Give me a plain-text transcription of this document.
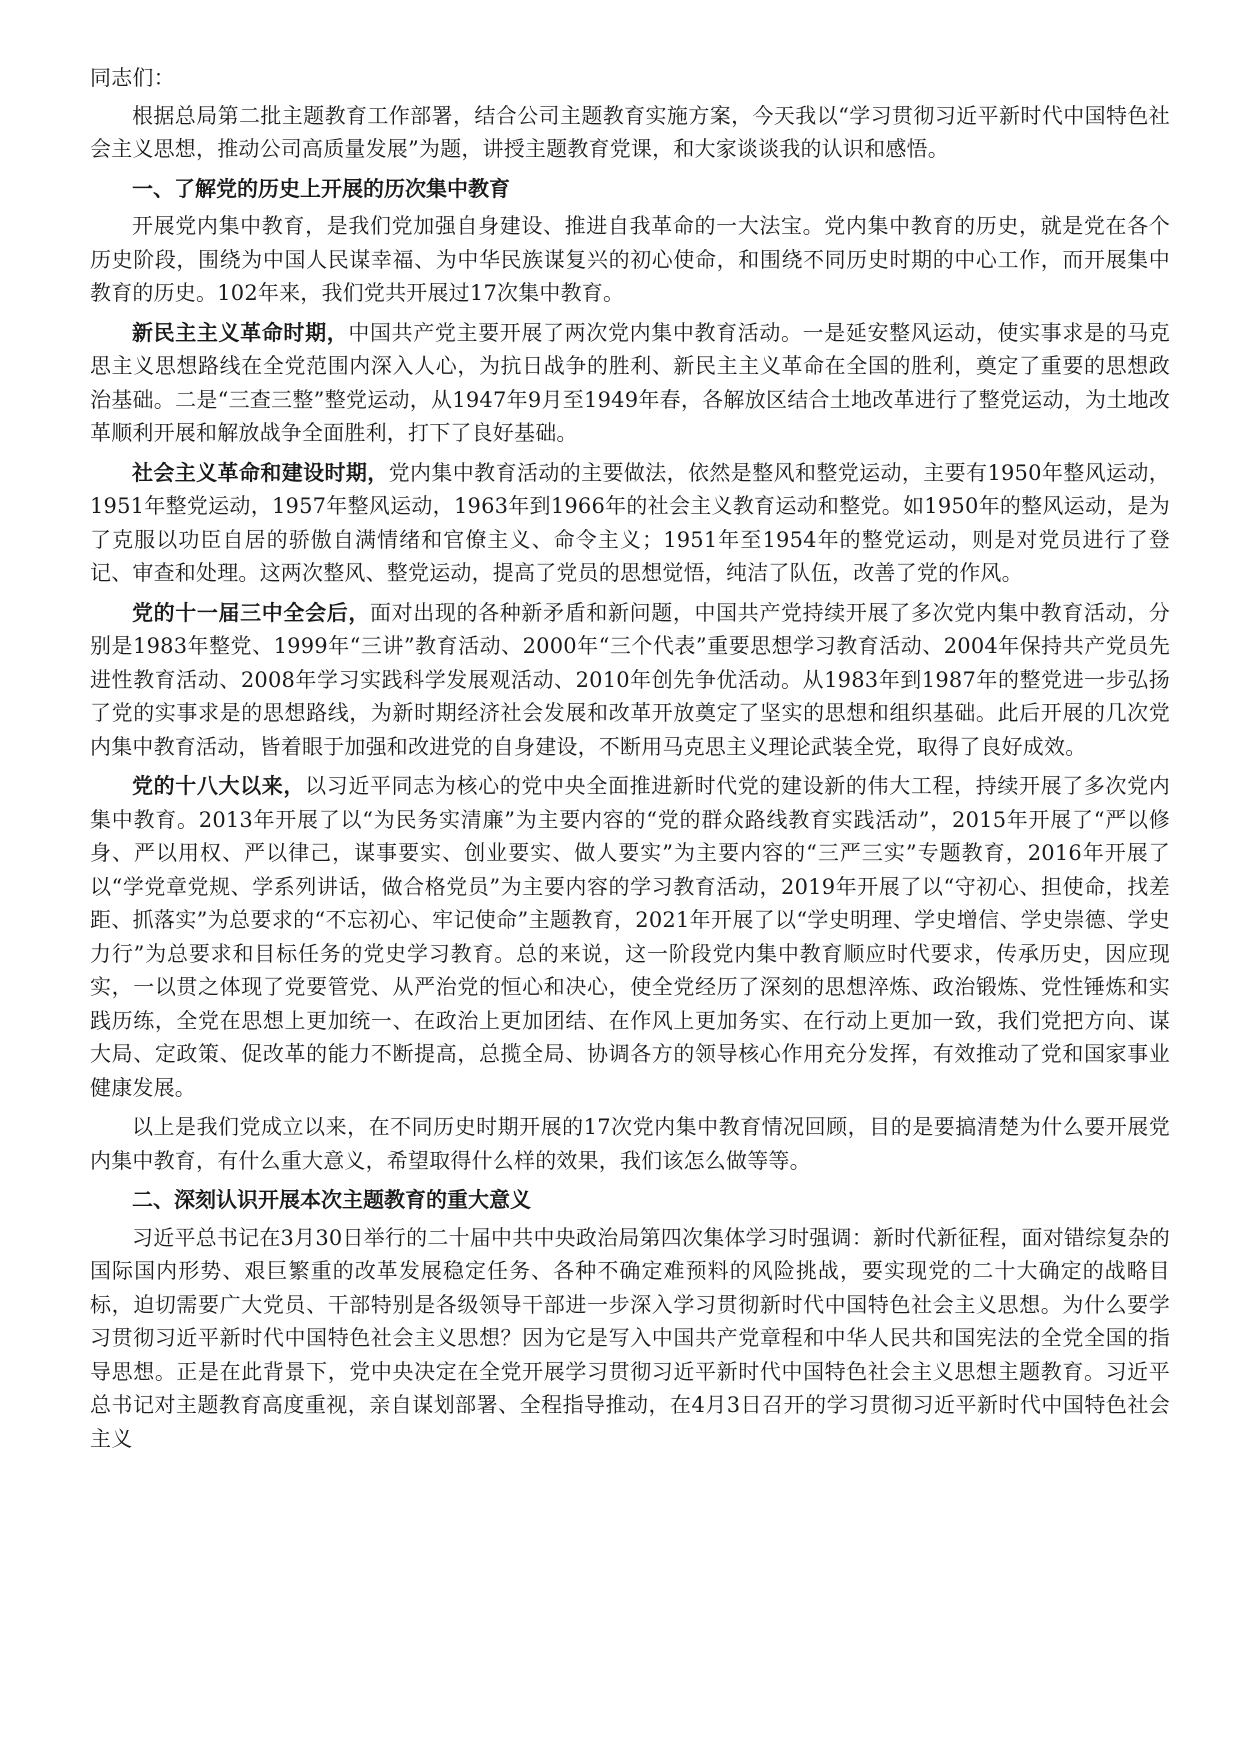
同志们：

根据总局第二批主题教育工作部署，结合公司主题教育实施方案，今天我以“学习贯彻习近平新时代中国特色社会主义思想，推动公司高质量发展”为题，讲授主题教育党课，和大家谈谈我的认识和感悟。

一、了解党的历史上开展的历次集中教育

开展党内集中教育，是我们党加强自身建设、推进自我革命的一大法宝。党内集中教育的历史，就是党在各个历史阶段，围绕为中国人民谋幸福、为中华民族谋复兴的初心使命，和围绕不同历史时期的中心工作，而开展集中教育的历史。102年来，我们党共开展过17次集中教育。

新民主主义革命时期，中国共产党主要开展了两次党内集中教育活动。一是延安整风运动，使实事求是的马克思主义思想路线在全党范围内深入人心，为抗日战争的胜利、新民主主义革命在全国的胜利，奠定了重要的思想政治基础。二是“三查三整”整党运动，从1947年9月至1949年春，各解放区结合土地改革进行了整党运动，为土地改革顺利开展和解放战争全面胜利，打下了良好基础。

社会主义革命和建设时期，党内集中教育活动的主要做法，依然是整风和整党运动，主要有1950年整风运动，1951年整党运动，1957年整风运动，1963年到1966年的社会主义教育运动和整党。如1950年的整风运动，是为了克服以功臣自居的骄傲自满情绪和官僚主义、命令主义；1951年至1954年的整党运动，则是对党员进行了登记、审查和处理。这两次整风、整党运动，提高了党员的思想觉悟，纯洁了队伍，改善了党的作风。

党的十一届三中全会后，面对出现的各种新矛盾和新问题，中国共产党持续开展了多次党内集中教育活动，分别是1983年整党、1999年“三讲”教育活动、2000年“三个代表”重要思想学习教育活动、2004年保持共产党员先进性教育活动、2008年学习实践科学发展观活动、2010年创先争优活动。从1983年到1987年的整党进一步弘扬了党的实事求是的思想路线，为新时期经济社会发展和改革开放奠定了坚实的思想和组织基础。此后开展的几次党内集中教育活动，皆着眼于加强和改进党的自身建设，不断用马克思主义理论武装全党，取得了良好成效。

党的十八大以来，以习近平同志为核心的党中央全面推进新时代党的建设新的伟大工程，持续开展了多次党内集中教育。2013年开展了以“为民务实清廉”为主要内容的“党的群众路线教育实践活动”，2015年开展了“严以修身、严以用权、严以律己，谋事要实、创业要实、做人要实”为主要内容的“三严三实”专题教育，2016年开展了以“学党章党规、学系列讲话，做合格党员”为主要内容的学习教育活动，2019年开展了以“守初心、担使命，找差距、抓落实”为总要求的“不忘初心、牢记使命”主题教育，2021年开展了以“学史明理、学史增信、学史崇德、学史力行”为总要求和目标任务的党史学习教育。总的来说，这一阶段党内集中教育顺应时代要求，传承历史，因应现实，一以贯之体现了党要管党、从严治党的恒心和决心，使全党经历了深刻的思想淬炼、政治锻炼、党性锤炼和实践历练，全党在思想上更加统一、在政治上更加团结、在作风上更加务实、在行动上更加一致，我们党把方向、谋大局、定政策、促改革的能力不断提高，总揽全局、协调各方的领导核心作用充分发挥，有效推动了党和国家事业健康发展。

以上是我们党成立以来，在不同历史时期开展的17次党内集中教育情况回顾，目的是要搞清楚为什么要开展党内集中教育，有什么重大意义，希望取得什么样的效果，我们该怎么做等等。

二、深刻认识开展本次主题教育的重大意义

习近平总书记在3月30日举行的二十届中共中央政治局第四次集体学习时强调：新时代新征程，面对错综复杂的国际国内形势、艰巨繁重的改革发展稳定任务、各种不确定难预料的风险挑战，要实现党的二十大确定的战略目标，迫切需要广大党员、干部特别是各级领导干部进一步深入学习贯彻新时代中国特色社会主义思想。为什么要学习贯彻习近平新时代中国特色社会主义思想？因为它是写入中国共产党章程和中华人民共和国宪法的全党全国的指导思想。正是在此背景下，党中央决定在全党开展学习贯彻习近平新时代中国特色社会主义思想主题教育。习近平总书记对主题教育高度重视，亲自谋划部署、全程指导推动，在4月3日召开的学习贯彻习近平新时代中国特色社会主义
